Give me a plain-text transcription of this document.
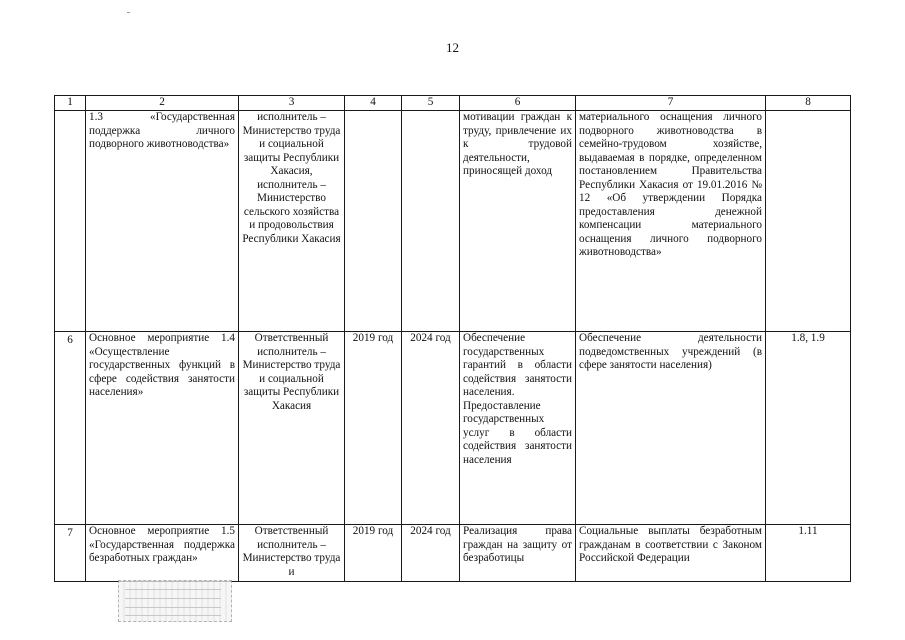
12
1	2	3	4	5	6	7	8
	1.3 «Государственная поддержка личного подворного животноводства»	исполнитель – Министерство труда и социальной защиты Республики Хакасия, исполнитель – Министерство сельского хозяйства и продовольствия Республики Хакасия			мотивации граждан к труду, привлечение их к трудовой деятельности, приносящей доход	материального оснащения личного подворного животноводства в семейно-трудовом хозяйстве, выдаваемая в порядке, определенном постановлением Правительства Республики Хакасия от 19.01.2016 № 12 «Об утверждении Порядка предоставления денежной компенсации материального оснащения личного подворного животноводства»	
6	Основное мероприятие 1.4 «Осуществление государственных функций в сфере содействия занятости населения»	Ответственный исполнитель – Министерство труда и социальной защиты Республики Хакасия	2019 год	2024 год	Обеспечение государственных гарантий в области содействия занятости населения. Предоставление государственных услуг в области содействия занятости населения	Обеспечение деятельности подведомственных учреждений (в сфере занятости населения)	1.8, 1.9
7	Основное мероприятие 1.5 «Государственная поддержка безработных граждан»	Ответственный исполнитель – Министерство труда и	2019 год	2024 год	Реализация права граждан на защиту от безработицы	Социальные выплаты безработным гражданам в соответствии с Законом Российской Федерации	1.11
